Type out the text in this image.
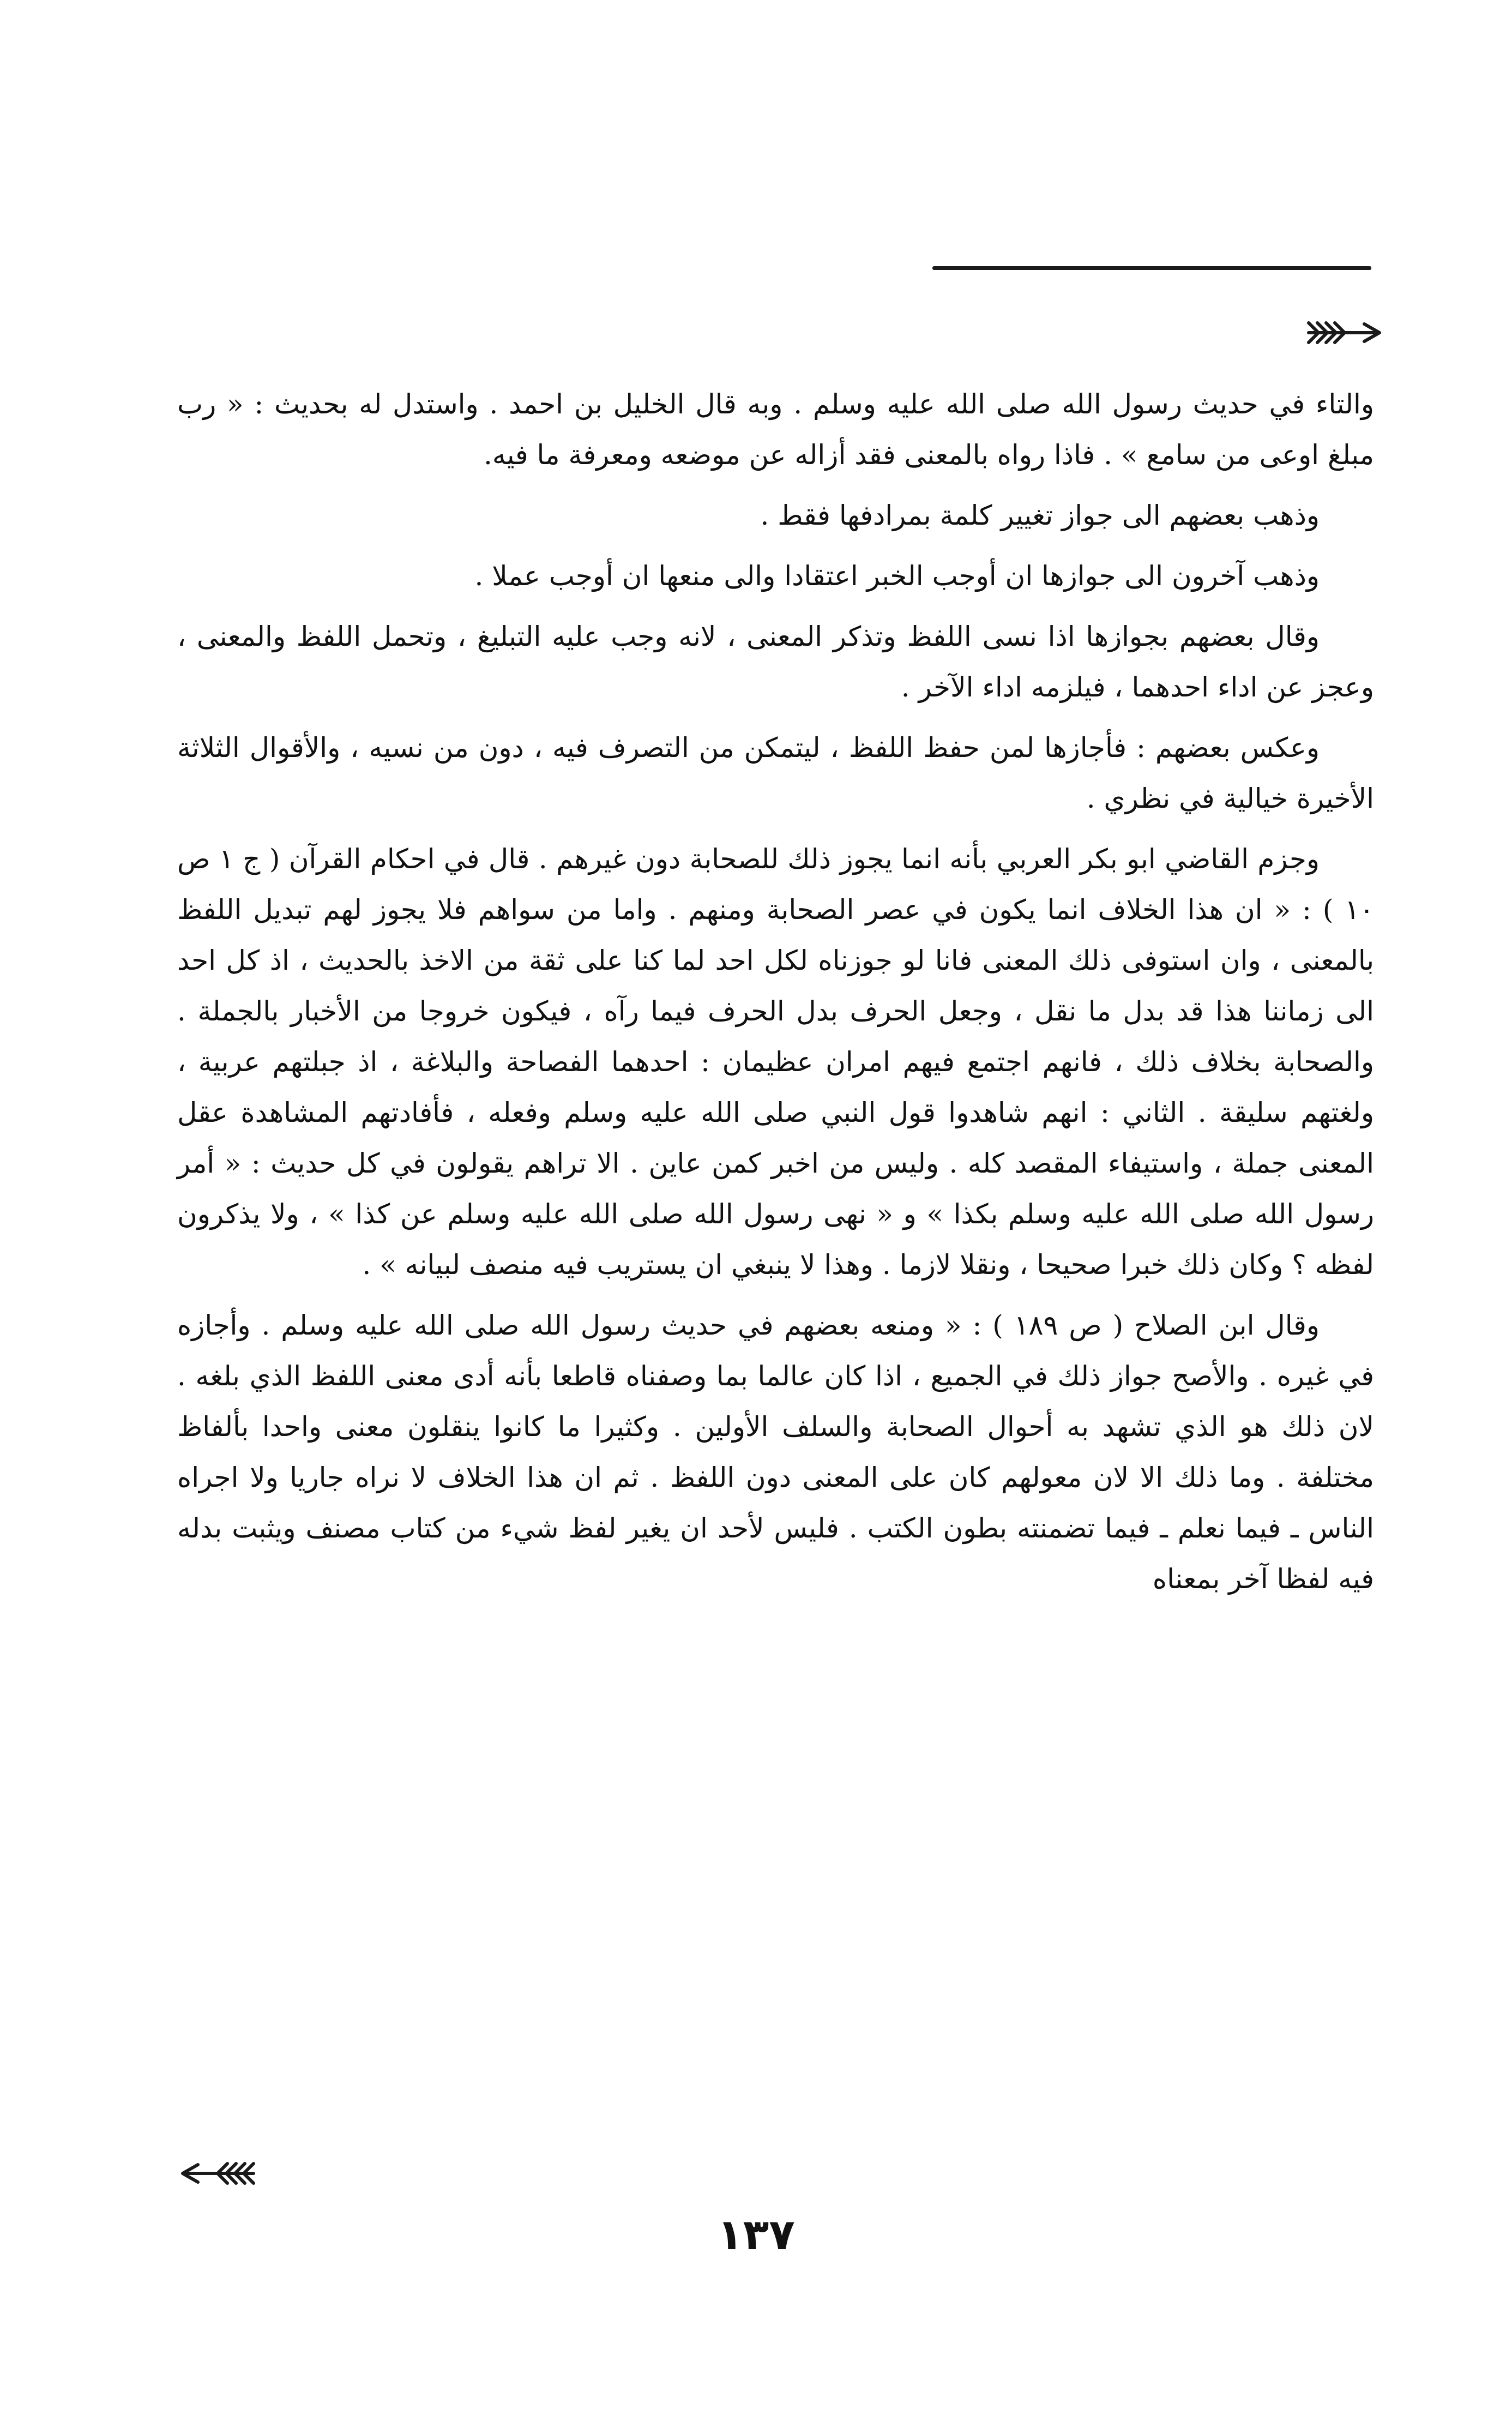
والتاء في حديث رسول الله صلى الله عليه وسلم . وبه قال الخليل بن احمد . واستدل له بحديث : « رب مبلغ اوعى من سامع » . فاذا رواه بالمعنى فقد أزاله عن موضعه ومعرفة ما فيه.

وذهب بعضهم الى جواز تغيير كلمة بمرادفها فقط .

وذهب آخرون الى جوازها ان أوجب الخبر اعتقادا والى منعها ان أوجب عملا .

وقال بعضهم بجوازها اذا نسى اللفظ وتذكر المعنى ، لانه وجب عليه التبليغ ، وتحمل اللفظ والمعنى ، وعجز عن اداء احدهما ، فيلزمه اداء الآخر .

وعكس بعضهم : فأجازها لمن حفظ اللفظ ، ليتمكن من التصرف فيه ، دون من نسيه ، والأقوال الثلاثة الأخيرة خيالية في نظري .

وجزم القاضي ابو بكر العربي بأنه انما يجوز ذلك للصحابة دون غيرهم . قال في احكام القرآن ( ج ١ ص ١٠ ) : « ان هذا الخلاف انما يكون في عصر الصحابة ومنهم . واما من سواهم فلا يجوز لهم تبديل اللفظ بالمعنى ، وان استوفى ذلك المعنى فانا لو جوزناه لكل احد لما كنا على ثقة من الاخذ بالحديث ، اذ كل احد الى زماننا هذا قد بدل ما نقل ، وجعل الحرف بدل الحرف فيما رآه ، فيكون خروجا من الأخبار بالجملة . والصحابة بخلاف ذلك ، فانهم اجتمع فيهم امران عظيمان : احدهما الفصاحة والبلاغة ، اذ جبلتهم عربية ، ولغتهم سليقة . الثاني : انهم شاهدوا قول النبي صلى الله عليه وسلم وفعله ، فأفادتهم المشاهدة عقل المعنى جملة ، واستيفاء المقصد كله . وليس من اخبر كمن عاين . الا تراهم يقولون في كل حديث : « أمر رسول الله صلى الله عليه وسلم بكذا » و « نهى رسول الله صلى الله عليه وسلم عن كذا » ، ولا يذكرون لفظه ؟ وكان ذلك خبرا صحيحا ، ونقلا لازما . وهذا لا ينبغي ان يستريب فيه منصف لبيانه » .

وقال ابن الصلاح ( ص ١٨٩ ) : « ومنعه بعضهم في حديث رسول الله صلى الله عليه وسلم . وأجازه في غيره . والأصح جواز ذلك في الجميع ، اذا كان عالما بما وصفناه قاطعا بأنه أدى معنى اللفظ الذي بلغه . لان ذلك هو الذي تشهد به أحوال الصحابة والسلف الأولين . وكثيرا ما كانوا ينقلون معنى واحدا بألفاظ مختلفة . وما ذلك الا لان معولهم كان على المعنى دون اللفظ . ثم ان هذا الخلاف لا نراه جاريا ولا اجراه الناس ـ فيما نعلم ـ فيما تضمنته بطون الكتب . فليس لأحد ان يغير لفظ شيء من كتاب مصنف ويثبت بدله فيه لفظا آخر بمعناه

١٣٧
